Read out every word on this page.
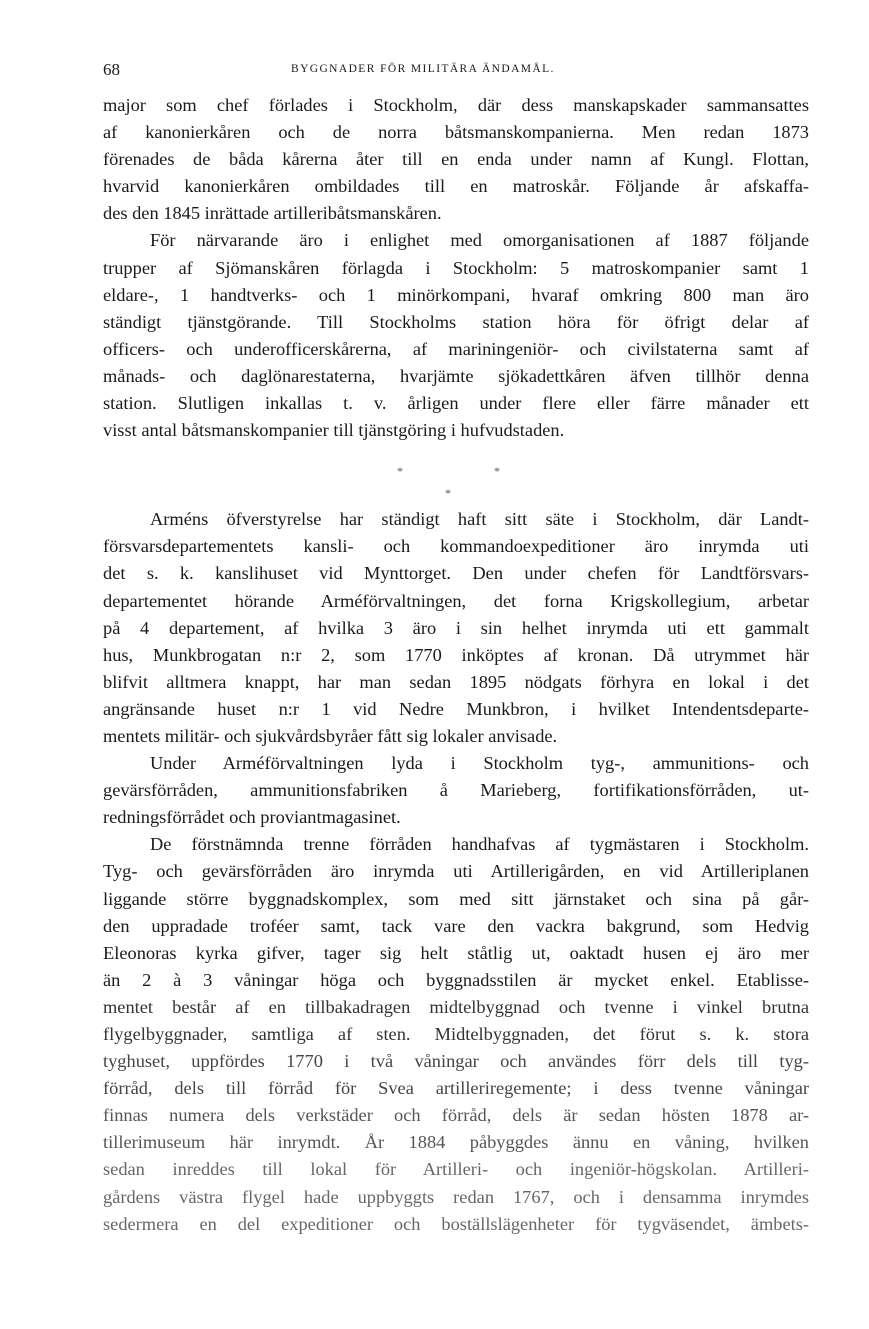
68	BYGGNADER FÖR MILITÄRA ÄNDAMÅL.
major som chef förlades i Stockholm, där dess manskapskader sammansattes
af kanonierkåren och de norra båtsmanskompanierna. Men redan 1873
förenades de båda kårerna åter till en enda under namn af Kungl. Flottan,
hvarvid kanonierkåren ombildades till en matroskår. Följande år afskaffa-
des den 1845 inrättade artilleribåtsmanskåren.
För närvarande äro i enlighet med omorganisationen af 1887 följande
trupper af Sjömanskåren förlagda i Stockholm: 5 matroskompanier samt 1
eldare-, 1 handtverks- och 1 minörkompani, hvaraf omkring 800 man äro
ständigt tjänstgörande. Till Stockholms station höra för öfrigt delar af
officers- och underofficerskårerna, af mariningeniör- och civilstaterna samt af
månads- och daglönarestaterna, hvarjämte sjökadettkåren äfven tillhör denna
station. Slutligen inkallas t. v. årligen under flere eller färre månader ett
visst antal båtsmanskompanier till tjänstgöring i hufvudstaden.
*	*
*
Arméns öfverstyrelse har ständigt haft sitt säte i Stockholm, där Landt-
försvarsdepartementets kansli- och kommandoexpeditioner äro inrymda uti
det s. k. kanslihuset vid Mynttorget. Den under chefen för Landtförsvars-
departementet hörande Arméförvaltningen, det forna Krigskollegium, arbetar
på 4 departement, af hvilka 3 äro i sin helhet inrymda uti ett gammalt
hus, Munkbrogatan n:r 2, som 1770 inköptes af kronan. Då utrymmet här
blifvit alltmera knappt, har man sedan 1895 nödgats förhyra en lokal i det
angränsande huset n:r 1 vid Nedre Munkbron, i hvilket Intendentsdeparte-
mentets militär- och sjukvårdsbyråer fått sig lokaler anvisade.
Under Arméförvaltningen lyda i Stockholm tyg-, ammunitions- och
gevärsförråden, ammunitionsfabriken å Marieberg, fortifikationsförråden, ut-
redningsförrådet och proviantmagasinet.
De förstnämnda trenne förråden handhafvas af tygmästaren i Stockholm.
Tyg- och gevärsförråden äro inrymda uti Artillerigården, en vid Artilleriplanen
liggande större byggnadskomplex, som med sitt järnstaket och sina på går-
den uppradade troféer samt, tack vare den vackra bakgrund, som Hedvig
Eleonoras kyrka gifver, tager sig helt ståtlig ut, oaktadt husen ej äro mer
än 2 à 3 våningar höga och byggnadsstilen är mycket enkel. Etablisse-
mentet består af en tillbakadragen midtelbyggnad och tvenne i vinkel brutna
flygelbyggnader, samtliga af sten. Midtelbyggnaden, det förut s. k. stora
tyghuset, uppfördes 1770 i två våningar och användes förr dels till tyg-
förråd, dels till förråd för Svea artilleriregemente; i dess tvenne våningar
finnas numera dels verkstäder och förråd, dels är sedan hösten 1878 ar-
tillerimuseum här inrymdt. År 1884 påbyggdes ännu en våning, hvilken
sedan inreddes till lokal för Artilleri- och ingeniör-högskolan. Artilleri-
gårdens västra flygel hade uppbyggts redan 1767, och i densamma inrymdes
sedermera en del expeditioner och boställslägenheter för tygväsendet, ämbets-
